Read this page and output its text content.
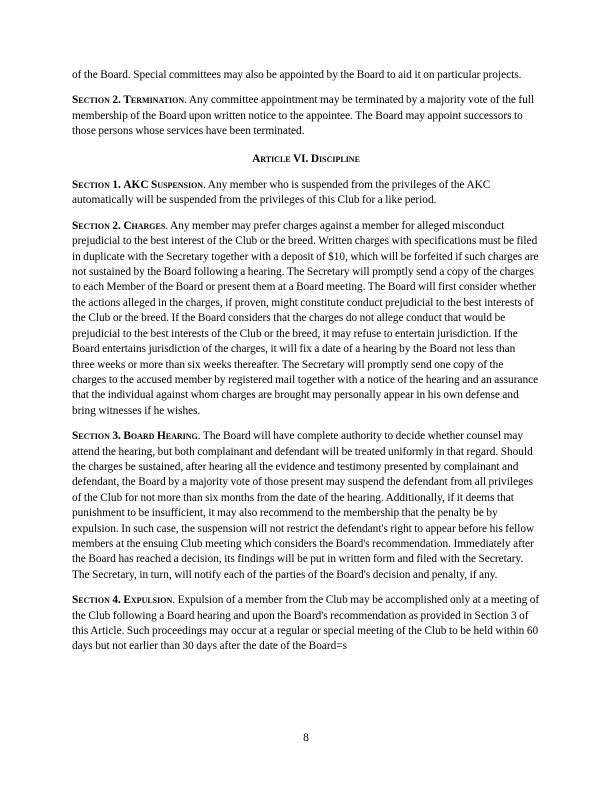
of the Board. Special committees may also be appointed by the Board to aid it on particular projects.

Section 2. Termination. Any committee appointment may be terminated by a majority vote of the full membership of the Board upon written notice to the appointee. The Board may appoint successors to those persons whose services have been terminated.

Article VI. Discipline

Section 1. AKC Suspension. Any member who is suspended from the privileges of the AKC automatically will be suspended from the privileges of this Club for a like period.

Section 2. Charges. Any member may prefer charges against a member for alleged misconduct prejudicial to the best interest of the Club or the breed. Written charges with specifications must be filed in duplicate with the Secretary together with a deposit of $10, which will be forfeited if such charges are not sustained by the Board following a hearing. The Secretary will promptly send a copy of the charges to each Member of the Board or present them at a Board meeting. The Board will first consider whether the actions alleged in the charges, if proven, might constitute conduct prejudicial to the best interests of the Club or the breed. If the Board considers that the charges do not allege conduct that would be prejudicial to the best interests of the Club or the breed, it may refuse to entertain jurisdiction. If the Board entertains jurisdiction of the charges, it will fix a date of a hearing by the Board not less than three weeks or more than six weeks thereafter. The Secretary will promptly send one copy of the charges to the accused member by registered mail together with a notice of the hearing and an assurance that the individual against whom charges are brought may personally appear in his own defense and bring witnesses if he wishes.

Section 3. Board Hearing. The Board will have complete authority to decide whether counsel may attend the hearing, but both complainant and defendant will be treated uniformly in that regard. Should the charges be sustained, after hearing all the evidence and testimony presented by complainant and defendant, the Board by a majority vote of those present may suspend the defendant from all privileges of the Club for not more than six months from the date of the hearing. Additionally, if it deems that punishment to be insufficient, it may also recommend to the membership that the penalty be by expulsion. In such case, the suspension will not restrict the defendant's right to appear before his fellow members at the ensuing Club meeting which considers the Board's recommendation. Immediately after the Board has reached a decision, its findings will be put in written form and filed with the Secretary. The Secretary, in turn, will notify each of the parties of the Board's decision and penalty, if any.

Section 4. Expulsion. Expulsion of a member from the Club may be accomplished only at a meeting of the Club following a Board hearing and upon the Board's recommendation as provided in Section 3 of this Article. Such proceedings may occur at a regular or special meeting of the Club to be held within 60 days but not earlier than 30 days after the date of the Board=s

8
